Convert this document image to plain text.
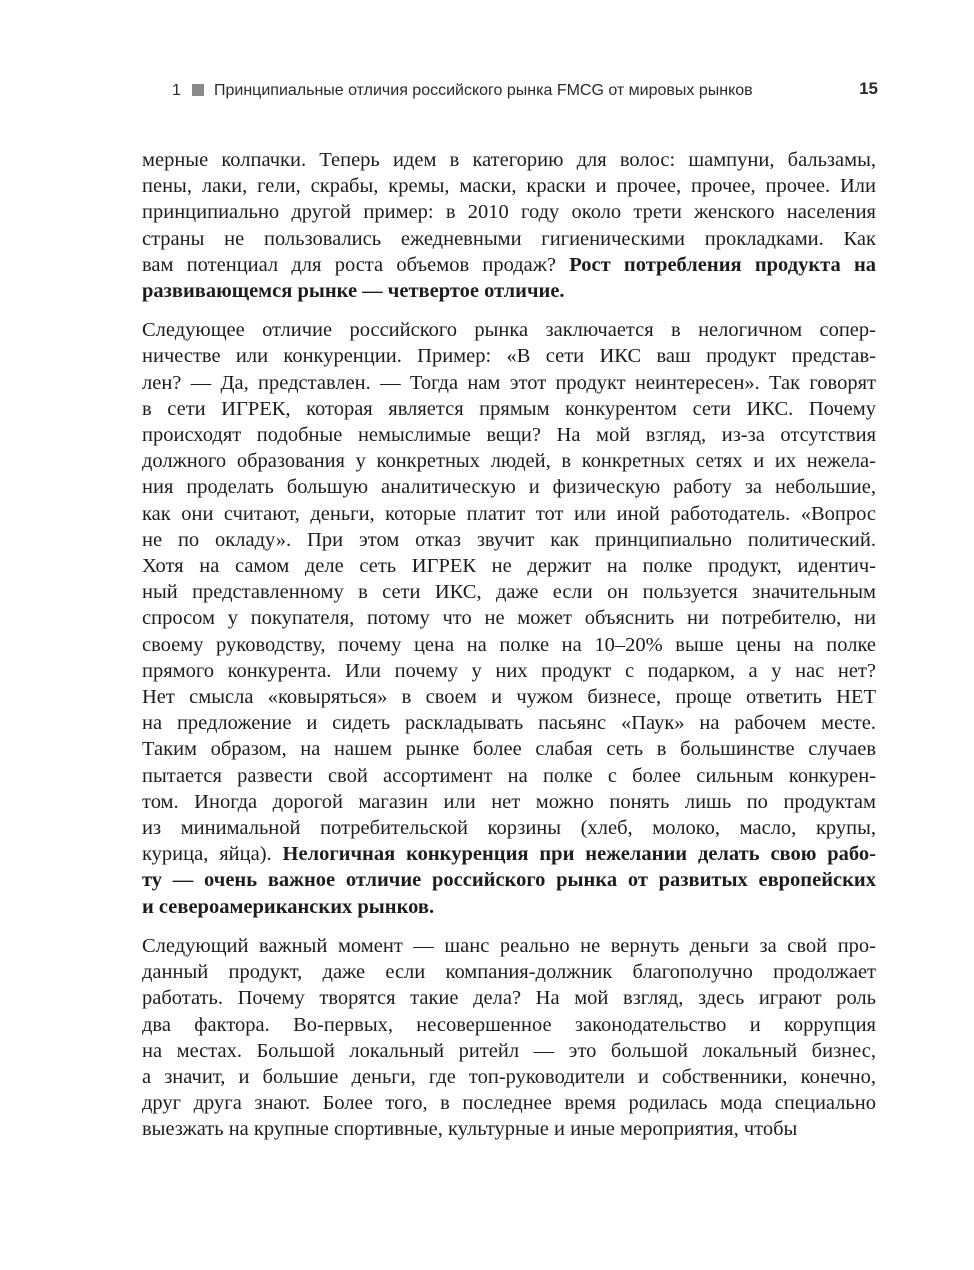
1 Принципиальные отличия российского рынка FMCG от мировых рынков	15
мерные колпачки. Теперь идем в категорию для волос: шампуни, бальзамы,
пены, лаки, гели, скрабы, кремы, маски, краски и прочее, прочее, прочее. Или
принципиально другой пример: в 2010 году около трети женского населения
страны не пользовались ежедневными гигиеническими прокладками. Как
вам потенциал для роста объемов продаж? Рост потребления продукта на
развивающемся рынке — четвертое отличие.
Следующее отличие российского рынка заключается в нелогичном сопер-
ничестве или конкуренции. Пример: «В сети ИКС ваш продукт представ-
лен? — Да, представлен. — Тогда нам этот продукт неинтересен». Так говорят
в сети ИГРЕК, которая является прямым конкурентом сети ИКС. Почему
происходят подобные немыслимые вещи? На мой взгляд, из-за отсутствия
должного образования у конкретных людей, в конкретных сетях и их нежела-
ния проделать большую аналитическую и физическую работу за небольшие,
как они считают, деньги, которые платит тот или иной работодатель. «Вопрос
не по окладу». При этом отказ звучит как принципиально политический.
Хотя на самом деле сеть ИГРЕК не держит на полке продукт, идентич-
ный представленному в сети ИКС, даже если он пользуется значительным
спросом у покупателя, потому что не может объяснить ни потребителю, ни
своему руководству, почему цена на полке на 10–20% выше цены на полке
прямого конкурента. Или почему у них продукт с подарком, а у нас нет?
Нет смысла «ковыряться» в своем и чужом бизнесе, проще ответить НЕТ
на предложение и сидеть раскладывать пасьянс «Паук» на рабочем месте.
Таким образом, на нашем рынке более слабая сеть в большинстве случаев
пытается развести свой ассортимент на полке с более сильным конкурен-
том. Иногда дорогой магазин или нет можно понять лишь по продуктам
из минимальной потребительской корзины (хлеб, молоко, масло, крупы,
курица, яйца). Нелогичная конкуренция при нежелании делать свою рабо-
ту — очень важное отличие российского рынка от развитых европейских
и североамериканских рынков.
Следующий важный момент — шанс реально не вернуть деньги за свой про-
данный продукт, даже если компания-должник благополучно продолжает
работать. Почему творятся такие дела? На мой взгляд, здесь играют роль
два фактора. Во-первых, несовершенное законодательство и коррупция
на местах. Большой локальный ритейл — это большой локальный бизнес,
а значит, и большие деньги, где топ-руководители и собственники, конечно,
друг друга знают. Более того, в последнее время родилась мода специально
выезжать на крупные спортивные, культурные и иные мероприятия, чтобы
